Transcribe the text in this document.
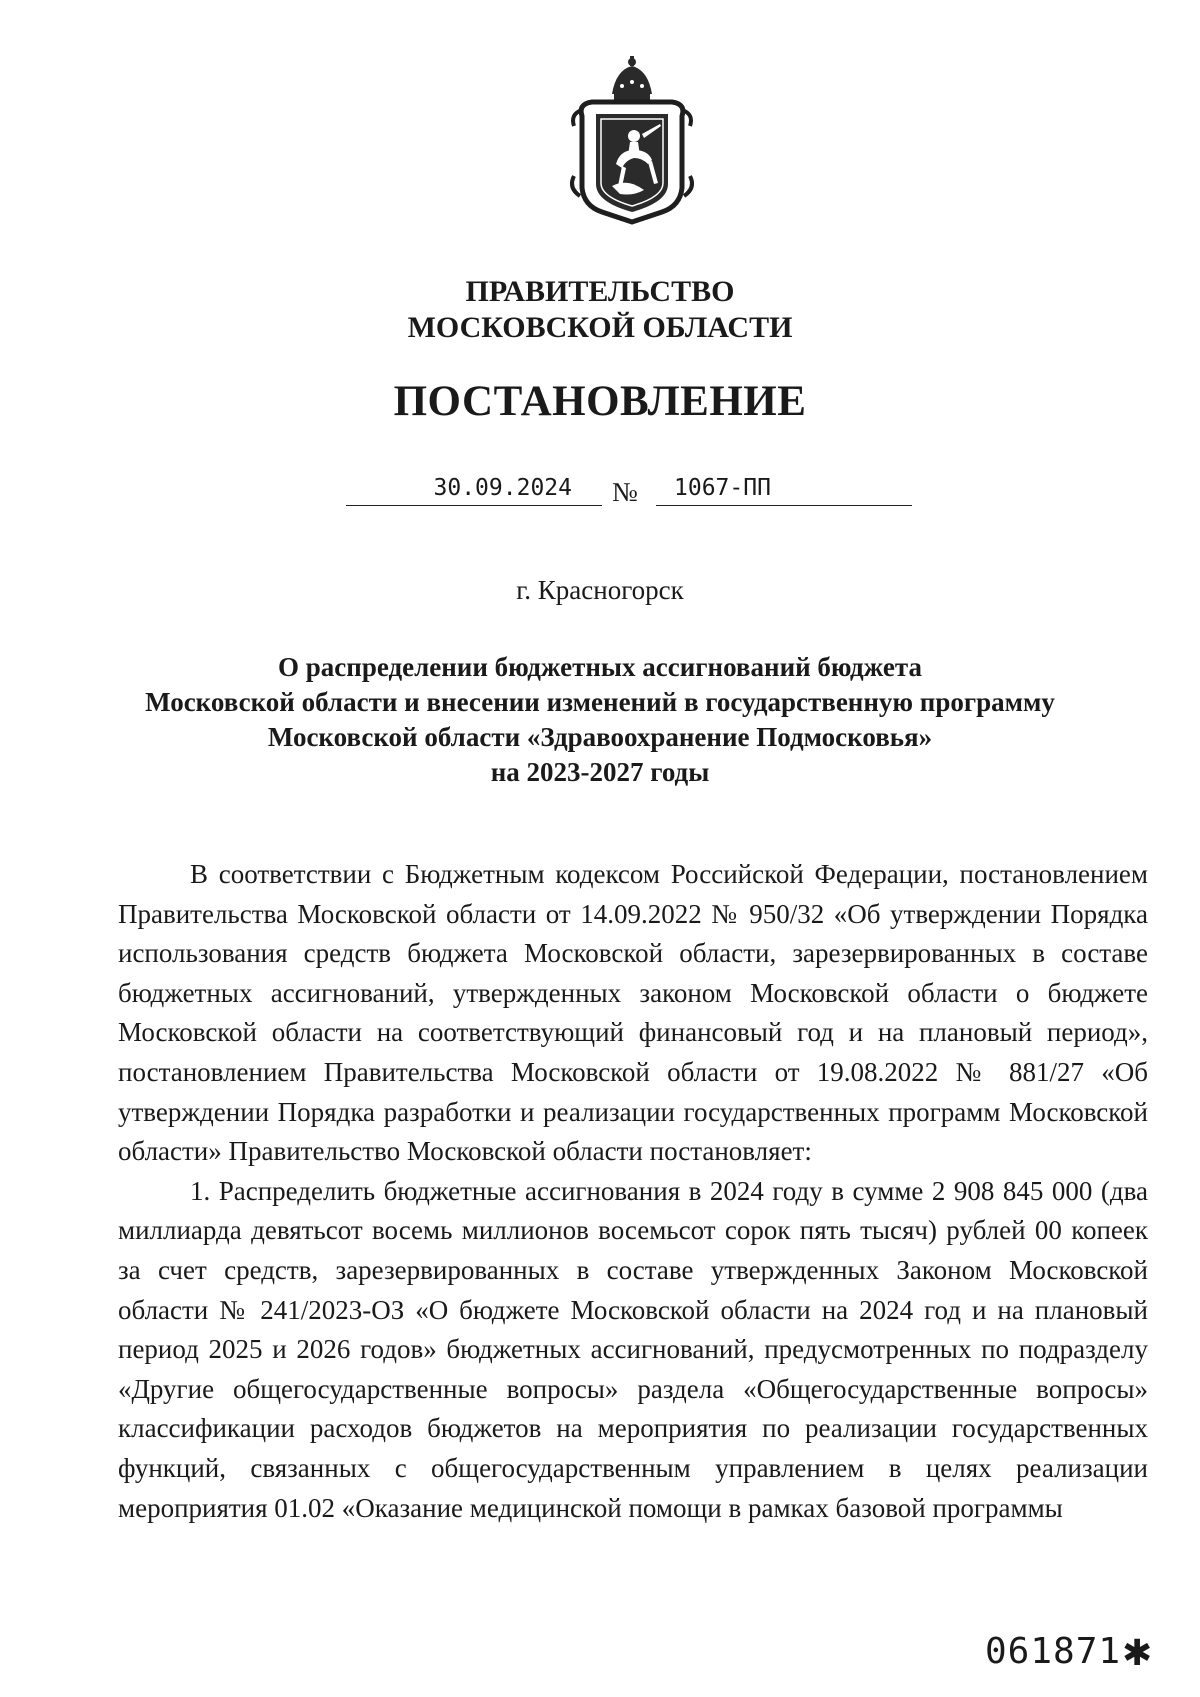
ПРАВИТЕЛЬСТВО
МОСКОВСКОЙ ОБЛАСТИ
ПОСТАНОВЛЕНИЕ
30.09.2024	№	1067-ПП
г. Красногорск
О распределении бюджетных ассигнований бюджета
Московской области и внесении изменений в государственную программу
Московской области «Здравоохранение Подмосковья»
на 2023-2027 годы

В соответствии с Бюджетным кодексом Российской Федерации, постановлением Правительства Московской области от 14.09.2022 № 950/32 «Об утверждении Порядка использования средств бюджета Московской области, зарезервированных в составе бюджетных ассигнований, утвержденных законом Московской области о бюджете Московской области на соответствующий финансовый год и на плановый период», постановлением Правительства Московской области от 19.08.2022 № 881/27 «Об утверждении Порядка разработки и реализации государственных программ Московской области» Правительство Московской области постановляет:

1. Распределить бюджетные ассигнования в 2024 году в сумме 2 908 845 000 (два миллиарда девятьсот восемь миллионов восемьсот сорок пять тысяч) рублей 00 копеек за счет средств, зарезервированных в составе утвержденных Законом Московской области № 241/2023-ОЗ «О бюджете Московской области на 2024 год и на плановый период 2025 и 2026 годов» бюджетных ассигнований, предусмотренных по подразделу «Другие общегосударственные вопросы» раздела «Общегосударственные вопросы» классификации расходов бюджетов на мероприятия по реализации государственных функций, связанных с общегосударственным управлением в целях реализации мероприятия 01.02 «Оказание медицинской помощи в рамках базовой программы

061871 ✱
